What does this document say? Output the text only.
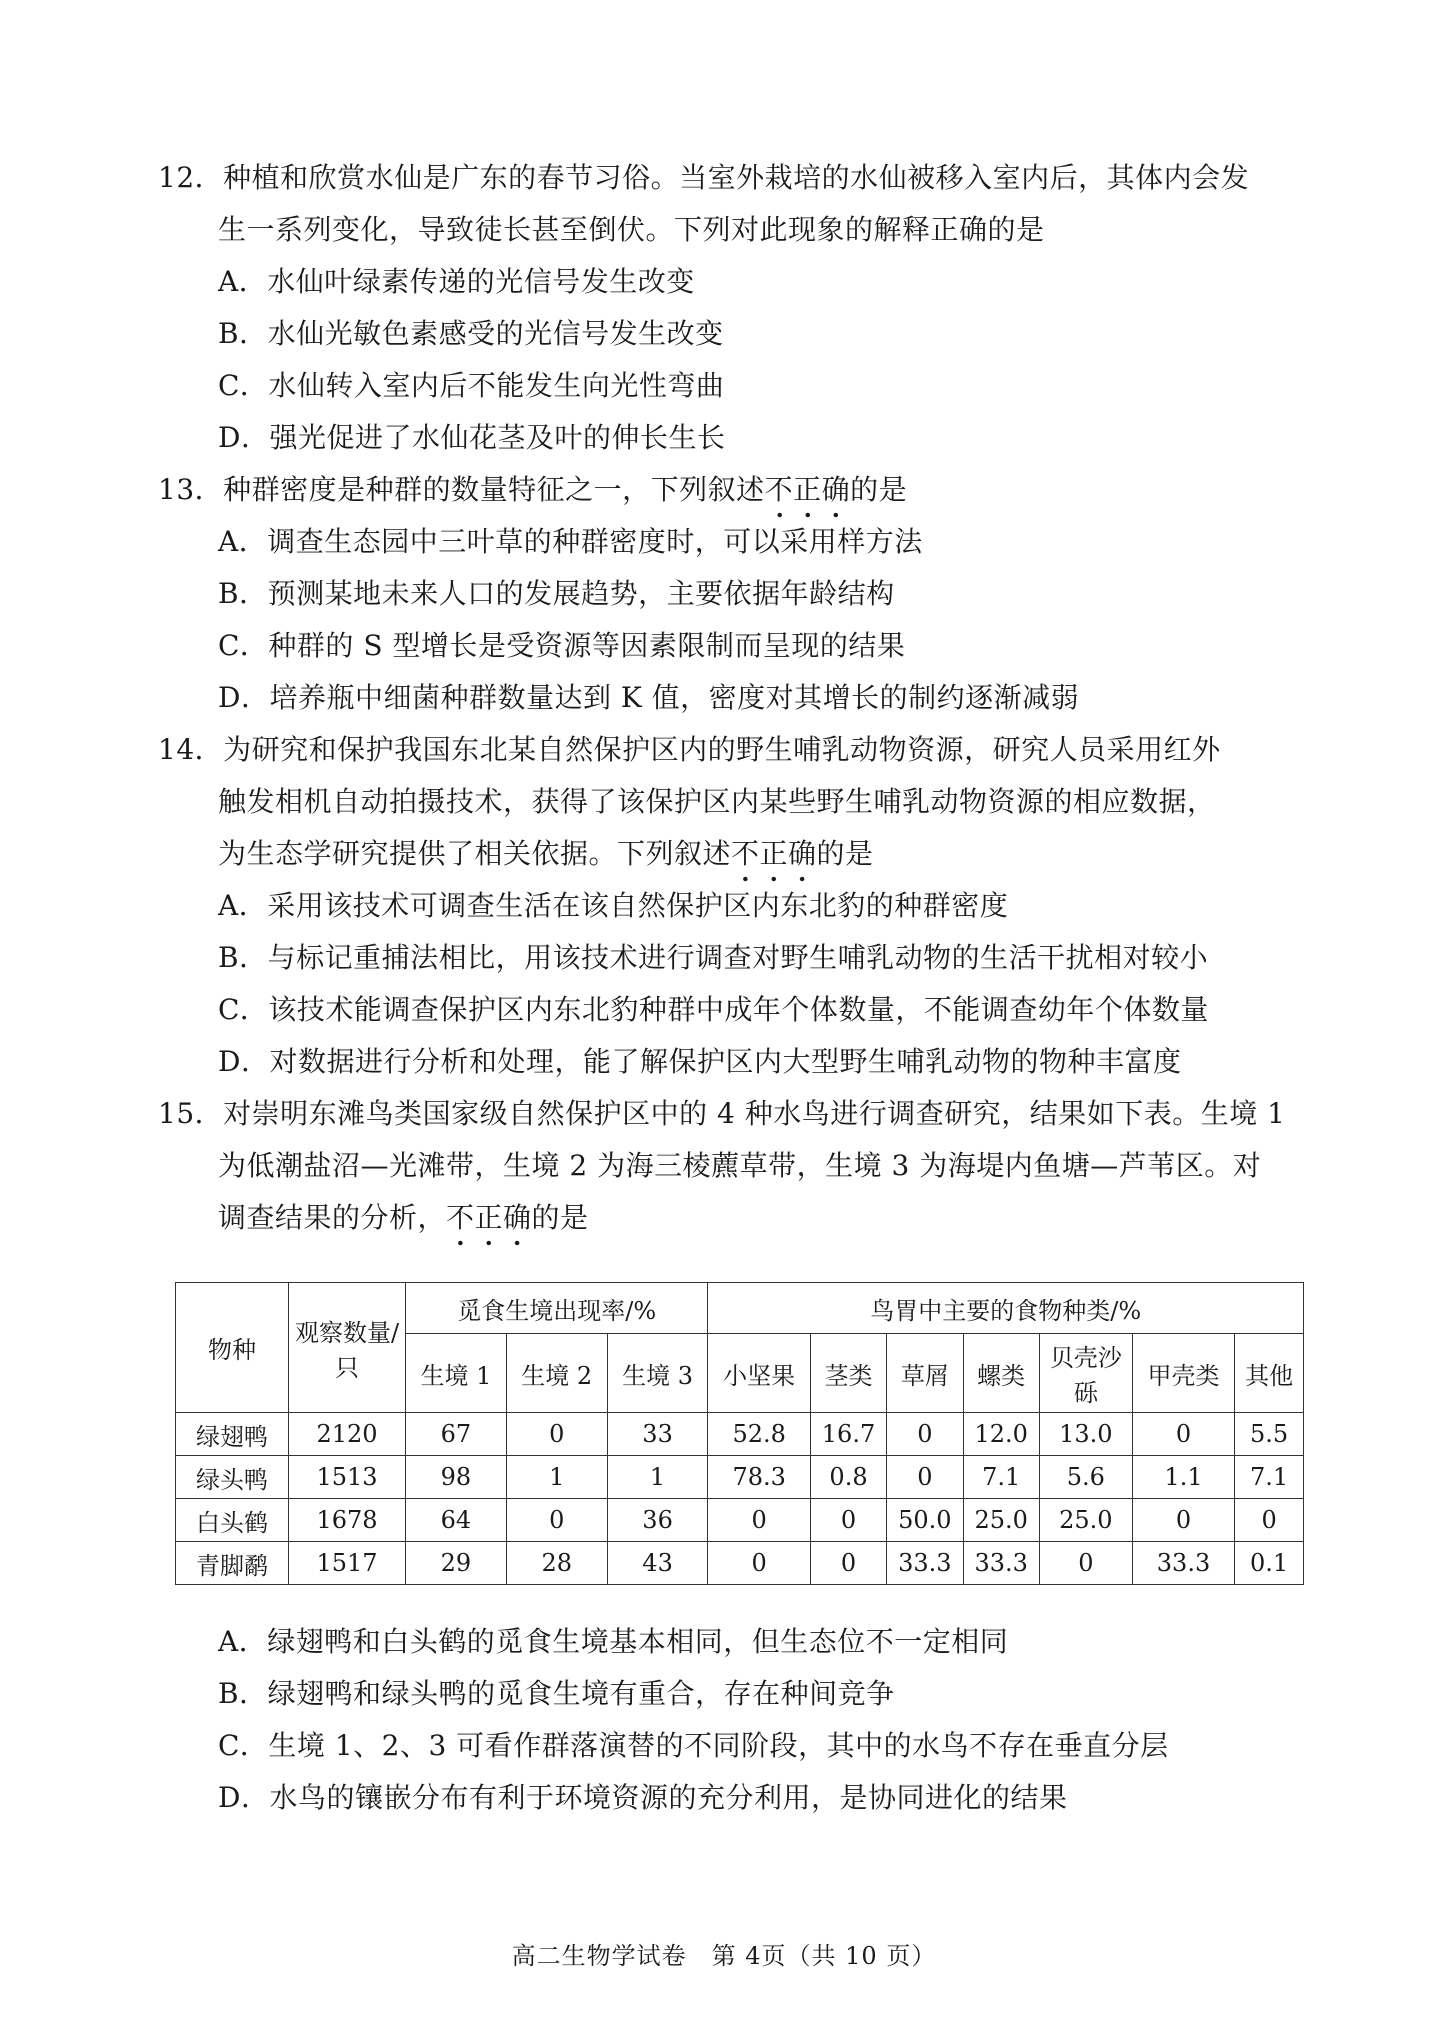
12．种植和欣赏水仙是广东的春节习俗。当室外栽培的水仙被移入室内后，其体内会发
生一系列变化，导致徒长甚至倒伏。下列对此现象的解释正确的是
A．水仙叶绿素传递的光信号发生改变
B．水仙光敏色素感受的光信号发生改变
C．水仙转入室内后不能发生向光性弯曲
D．强光促进了水仙花茎及叶的伸长生长
13．种群密度是种群的数量特征之一，下列叙述不正确的是
A．调查生态园中三叶草的种群密度时，可以采用样方法
B．预测某地未来人口的发展趋势，主要依据年龄结构
C．种群的 S 型增长是受资源等因素限制而呈现的结果
D．培养瓶中细菌种群数量达到 K 值，密度对其增长的制约逐渐减弱
14．为研究和保护我国东北某自然保护区内的野生哺乳动物资源，研究人员采用红外
触发相机自动拍摄技术，获得了该保护区内某些野生哺乳动物资源的相应数据，
为生态学研究提供了相关依据。下列叙述不正确的是
A．采用该技术可调查生活在该自然保护区内东北豹的种群密度
B．与标记重捕法相比，用该技术进行调查对野生哺乳动物的生活干扰相对较小
C．该技术能调查保护区内东北豹种群中成年个体数量，不能调查幼年个体数量
D．对数据进行分析和处理，能了解保护区内大型野生哺乳动物的物种丰富度
15．对崇明东滩鸟类国家级自然保护区中的 4 种水鸟进行调查研究，结果如下表。生境 1
为低潮盐沼—光滩带，生境 2 为海三棱藨草带，生境 3 为海堤内鱼塘—芦苇区。对
调查结果的分析，不正确的是
物种	观察数量/只	觅食生境出现率/%			鸟胃中主要的食物种类/%						
		生境 1	生境 2	生境 3	小坚果	茎类	草屑	螺类	贝壳沙砾	甲壳类	其他
绿翅鸭	2120	67	0	33	52.8	16.7	0	12.0	13.0	0	5.5
绿头鸭	1513	98	1	1	78.3	0.8	0	7.1	5.6	1.1	7.1
白头鹤	1678	64	0	36	0	0	50.0	25.0	25.0	0	0
青脚鹬	1517	29	28	43	0	0	33.3	33.3	0	33.3	0.1
A．绿翅鸭和白头鹤的觅食生境基本相同，但生态位不一定相同
B．绿翅鸭和绿头鸭的觅食生境有重合，存在种间竞争
C．生境 1、2、3 可看作群落演替的不同阶段，其中的水鸟不存在垂直分层
D．水鸟的镶嵌分布有利于环境资源的充分利用，是协同进化的结果
高二生物学试卷　第 4页（共 10 页）
